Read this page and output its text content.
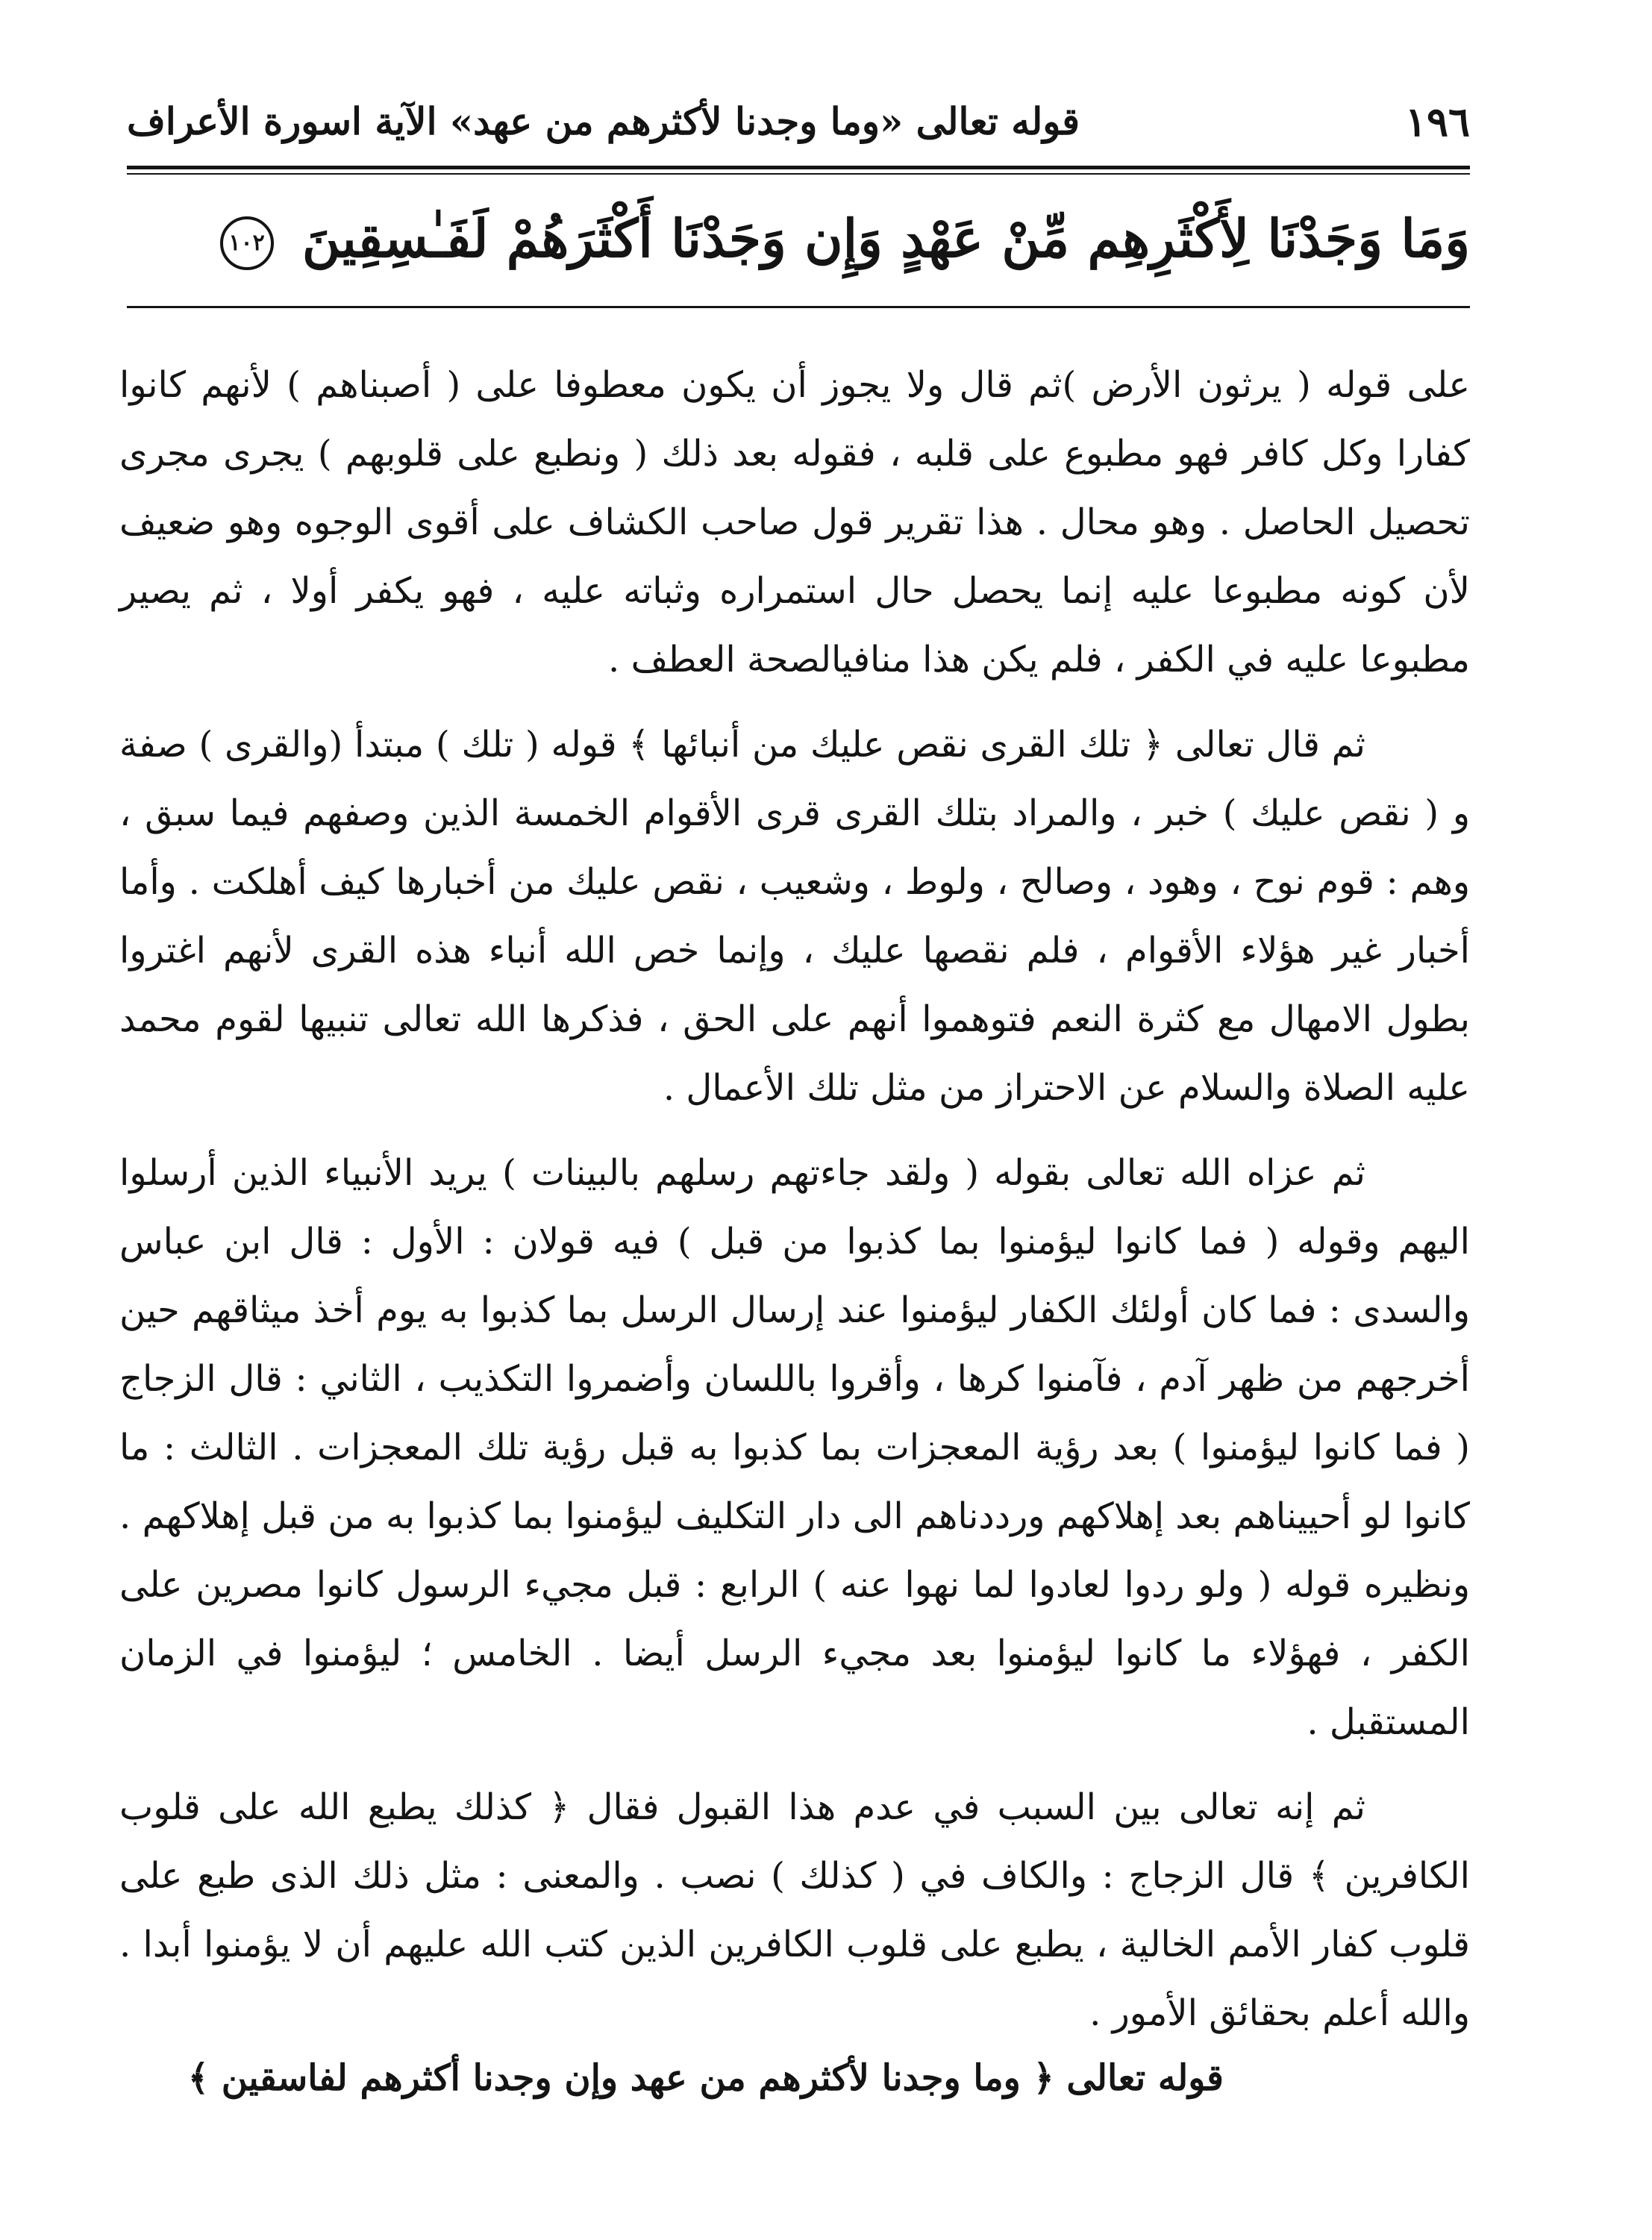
١٩٦
قوله تعالى «وما وجدنا لأكثرهم من عهد» الآية اسورة الأعراف
وَمَا وَجَدْنَا لِأَكْثَرِهِم مِّنْ عَهْدٍ وَإِن وَجَدْنَا أَكْثَرَهُمْ لَفَـٰسِقِينَ ١٠٢

على قوله ( يرثون الأرض )ثم قال ولا يجوز أن يكون معطوفا على ( أصبناهم ) لأنهم كانوا كفارا وكل كافر فهو مطبوع على قلبه ، فقوله بعد ذلك ( ونطبع على قلوبهم ) يجرى مجرى تحصيل الحاصل . وهو محال . هذا تقرير قول صاحب الكشاف على أقوى الوجوه وهو ضعيف لأن كونه مطبوعا عليه إنما يحصل حال استمراره وثباته عليه ، فهو يكفر أولا ، ثم يصير مطبوعا عليه في الكفر ، فلم يكن هذا منافيالصحة العطف .

ثم قال تعالى ﴿ تلك القرى نقص عليك من أنبائها ﴾ قوله ( تلك ) مبتدأ (والقرى ) صفة و ( نقص عليك ) خبر ، والمراد بتلك القرى قرى الأقوام الخمسة الذين وصفهم فيما سبق ، وهم : قوم نوح ، وهود ، وصالح ، ولوط ، وشعيب ، نقص عليك من أخبارها كيف أهلكت . وأما أخبار غير هؤلاء الأقوام ، فلم نقصها عليك ، وإنما خص الله أنباء هذه القرى لأنهم اغتروا بطول الامهال مع كثرة النعم فتوهموا أنهم على الحق ، فذكرها الله تعالى تنبيها لقوم محمد عليه الصلاة والسلام عن الاحتراز من مثل تلك الأعمال .

ثم عزاه الله تعالى بقوله ( ولقد جاءتهم رسلهم بالبينات ) يريد الأنبياء الذين أرسلوا اليهم وقوله ( فما كانوا ليؤمنوا بما كذبوا من قبل ) فيه قولان : الأول : قال ابن عباس والسدى : فما كان أولئك الكفار ليؤمنوا عند إرسال الرسل بما كذبوا به يوم أخذ ميثاقهم حين أخرجهم من ظهر آدم ، فآمنوا كرها ، وأقروا باللسان وأضمروا التكذيب ، الثاني : قال الزجاج ( فما كانوا ليؤمنوا ) بعد رؤية المعجزات بما كذبوا به قبل رؤية تلك المعجزات . الثالث : ما كانوا لو أحييناهم بعد إهلاكهم ورددناهم الى دار التكليف ليؤمنوا بما كذبوا به من قبل إهلاكهم . ونظيره قوله ( ولو ردوا لعادوا لما نهوا عنه ) الرابع : قبل مجيء الرسول كانوا مصرين على الكفر ، فهؤلاء ما كانوا ليؤمنوا بعد مجيء الرسل أيضا . الخامس ؛ ليؤمنوا في الزمان المستقبل .

ثم إنه تعالى بين السبب في عدم هذا القبول فقال ﴿ كذلك يطبع الله على قلوب الكافرين ﴾ قال الزجاج : والكاف في ( كذلك ) نصب . والمعنى : مثل ذلك الذى طبع على قلوب كفار الأمم الخالية ، يطبع على قلوب الكافرين الذين كتب الله عليهم أن لا يؤمنوا أبدا . والله أعلم بحقائق الأمور .

قوله تعالى ﴿ وما وجدنا لأكثرهم من عهد وإن وجدنا أكثرهم لفاسقين ﴾
